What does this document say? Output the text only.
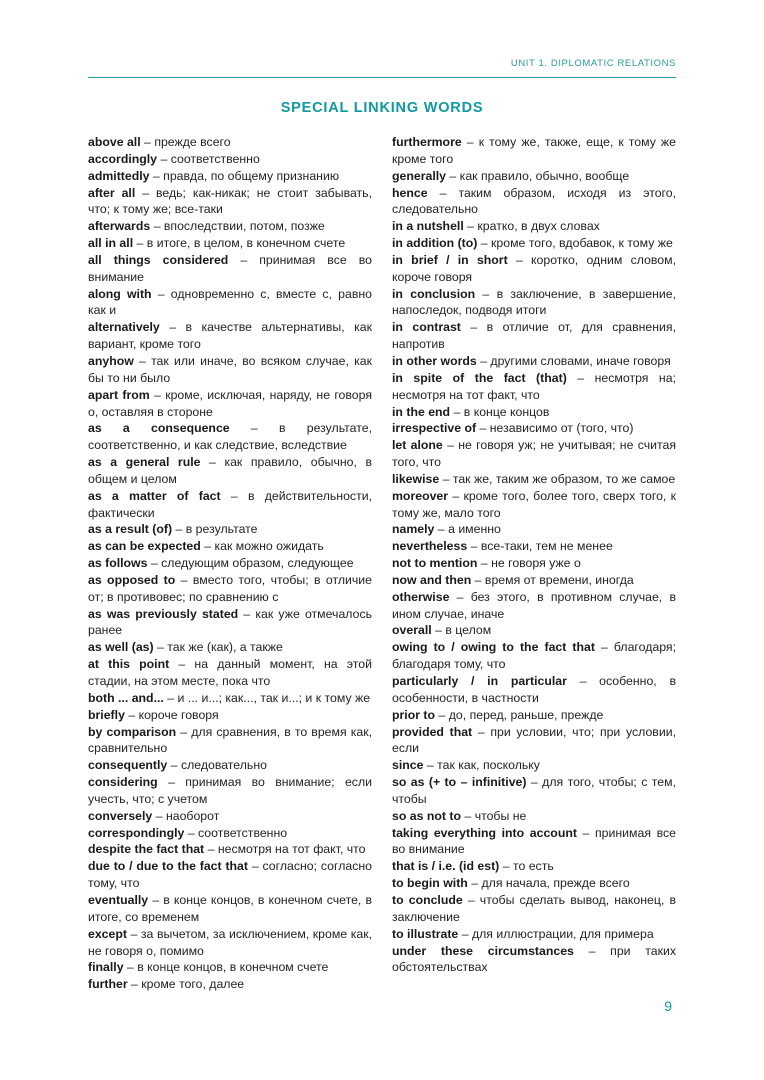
UNIT 1. DIPLOMATIC RELATIONS
SPECIAL LINKING WORDS

above all – прежде всего

accordingly – соответственно

admittedly – правда, по общему признанию

after all – ведь; как-никак; не стоит забывать, что; к тому же; все-таки

afterwards – впоследствии, потом, позже

all in all – в итоге, в целом, в конечном счете

all things considered – принимая все во внимание

along with – одновременно с, вместе с, равно как и

alternatively – в качестве альтернативы, как вариант, кроме того

anyhow – так или иначе, во всяком случае, как бы то ни было

apart from – кроме, исключая, наряду, не говоря о, оставляя в стороне

as a consequence – в результате, соответственно, и как следствие, вследствие

as a general rule – как правило, обычно, в общем и целом

as a matter of fact – в действительности, фактически

as a result (of) – в результате

as can be expected – как можно ожидать

as follows – следующим образом, следующее

as opposed to – вместо того, чтобы; в отличие от; в противовес; по сравнению с

as was previously stated – как уже отмечалось ранее

as well (as) – так же (как), а также

at this point – на данный момент, на этой стадии, на этом месте, пока что

both ... and... – и ... и...; как..., так и...; и к тому же

briefly – короче говоря

by comparison – для сравнения, в то время как, сравнительно

consequently – следовательно

considering – принимая во внимание; если учесть, что; с учетом

conversely – наоборот

correspondingly – соответственно

despite the fact that – несмотря на тот факт, что

due to / due to the fact that – согласно; согласно тому, что

eventually – в конце концов, в конечном счете, в итоге, со временем

except – за вычетом, за исключением, кроме как, не говоря о, помимо

finally – в конце концов, в конечном счете

further – кроме того, далее

furthermore – к тому же, также, еще, к тому же кроме того

generally – как правило, обычно, вообще

hence – таким образом, исходя из этого, следовательно

in a nutshell – кратко, в двух словах

in addition (to) – кроме того, вдобавок, к тому же

in brief / in short – коротко, одним словом, короче говоря

in conclusion – в заключение, в завершение, напоследок, подводя итоги

in contrast – в отличие от, для сравнения, напротив

in other words – другими словами, иначе говоря

in spite of the fact (that) – несмотря на; несмотря на тот факт, что

in the end – в конце концов

irrespective of – независимо от (того, что)

let alone – не говоря уж; не учитывая; не считая того, что

likewise – так же, таким же образом, то же самое

moreover – кроме того, более того, сверх того, к тому же, мало того

namely – а именно

nevertheless – все-таки, тем не менее

not to mention – не говоря уже о

now and then – время от времени, иногда

otherwise – без этого, в противном случае, в ином случае, иначе

overall – в целом

owing to / owing to the fact that – благодаря; благодаря тому, что

particularly / in particular – особенно, в особенности, в частности

prior to – до, перед, раньше, прежде

provided that – при условии, что; при условии, если

since – так как, поскольку

so as (+ to – infinitive) – для того, чтобы; с тем, чтобы

so as not to – чтобы не

taking everything into account – принимая все во внимание

that is / i.e. (id est) – то есть

to begin with – для начала, прежде всего

to conclude – чтобы сделать вывод, наконец, в заключение

to illustrate – для иллюстрации, для примера

under these circumstances – при таких обстоятельствах

9
